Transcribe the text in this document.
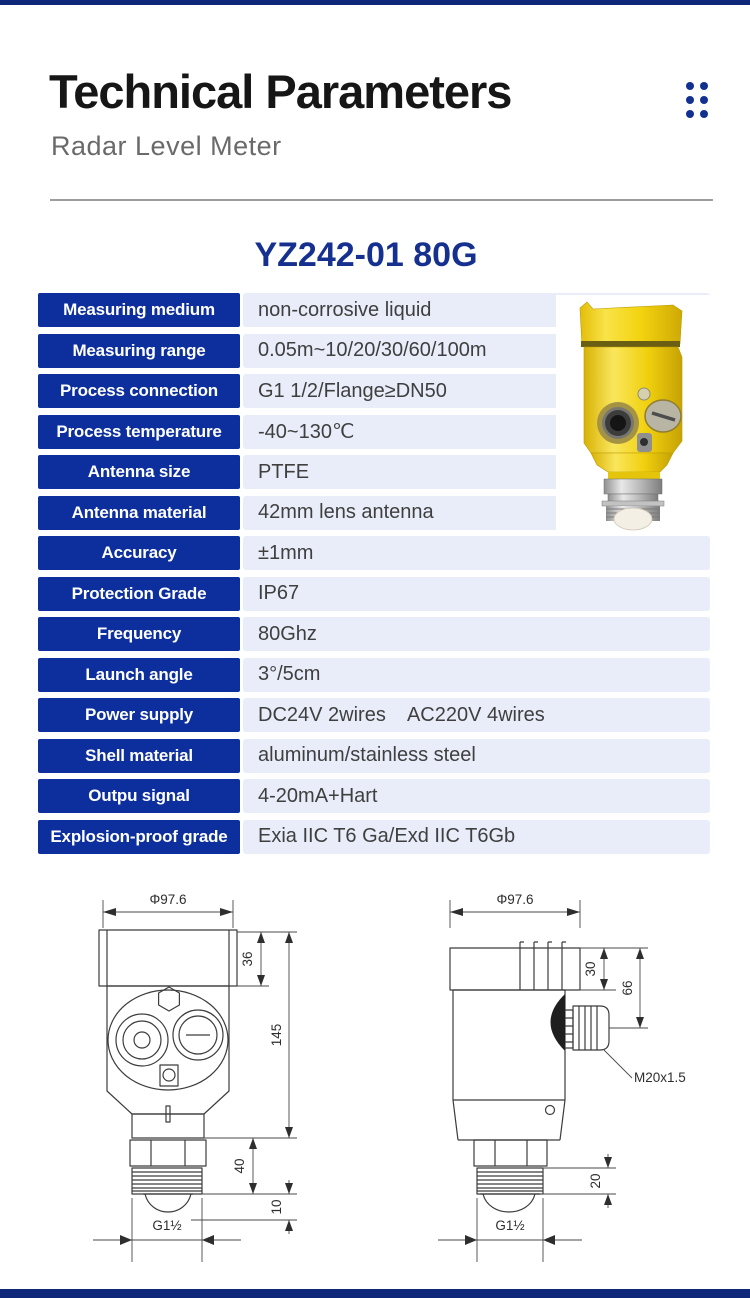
Technical Parameters
Radar Level Meter
YZ242-01 80G
Measuring medium	non-corrosive liquid
Measuring range	0.05m~10/20/30/60/100m
Process connection	G1 1/2/Flange≥DN50
Process temperature	-40~130℃
Antenna size	PTFE
Antenna material	42mm lens antenna
Accuracy	±1mm
Protection Grade	IP67
Frequency	80Ghz
Launch angle	3°/5cm
Power supply	DC24V 2wires    AC220V 4wires
Shell material	aluminum/stainless steel
Outpu signal	4-20mA+Hart
Explosion-proof grade	Exia IIC T6 Ga/Exd IIC T6Gb
Φ97.6
36
145
40
10
G1½
Φ97.6
30
66
M20x1.5
20
G1½
